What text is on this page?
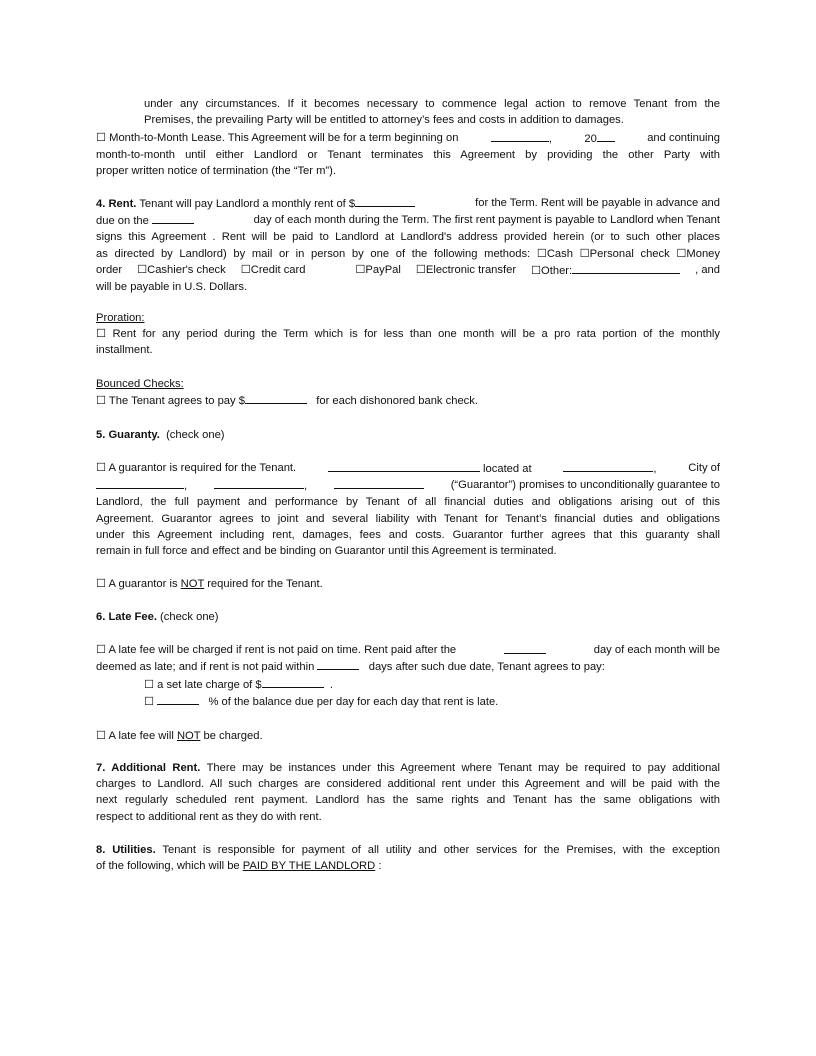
under any circumstances. If it becomes necessary to commence legal action to remove Tenant from the
Premises, the prevailing Party will be entitled to attorney’s fees and costs in addition to damages.
☐ Month-to-Month Lease. This Agreement will be for a term beginning on	,	20	and continuing
month-to-month until either Landlord or Tenant terminates this Agreement by providing the other Party with
proper written notice of termination (the “Ter m”).
4. Rent. Tenant will pay Landlord a monthly rent of $	for the Term. Rent will be payable in advance and
due on the	day of each month during the Term. The first rent payment is payable to Landlord when Tenant
signs this Agreement . Rent will be paid to Landlord at Landlord's address provided herein (or to such other places
as directed by Landlord) by mail or in person by one of the following methods: ☐Cash ☐Personal check ☐Money
order ☐Cashier's check ☐Credit card	☐PayPal ☐Electronic transfer ☐Other:	, and
will be payable in U.S. Dollars.
Proration:
☐ Rent for any period during the Term which is for less than one month will be a pro rata portion of the monthly
installment.
Bounced Checks:
☐ The Tenant agrees to pay $	for each dishonored bank check.
5. Guaranty. (check one)
☐ A guarantor is required for the Tenant.	located at	,	City of
,	,	(“Guarantor”) promises to unconditionally guarantee to
Landlord, the full payment and performance by Tenant of all financial duties and obligations arising out of this
Agreement. Guarantor agrees to joint and several liability with Tenant for Tenant’s financial duties and obligations
under this Agreement including rent, damages, fees and costs. Guarantor further agrees that this guaranty shall
remain in full force and effect and be binding on Guarantor until this Agreement is terminated.
☐ A guarantor is NOT required for the Tenant.
6. Late Fee. (check one)
☐ A late fee will be charged if rent is not paid on time. Rent paid after the	day of each month will be
deemed as late; and if rent is not paid within	days after such due date, Tenant agrees to pay:
☐ a set late charge of $	.
☐	% of the balance due per day for each day that rent is late.
☐ A late fee will NOT be charged.
7. Additional Rent. There may be instances under this Agreement where Tenant may be required to pay additional
charges to Landlord. All such charges are considered additional rent under this Agreement and will be paid with the
next regularly scheduled rent payment. Landlord has the same rights and Tenant has the same obligations with
respect to additional rent as they do with rent.
8. Utilities. Tenant is responsible for payment of all utility and other services for the Premises, with the exception
of the following, which will be PAID BY THE LANDLORD :
